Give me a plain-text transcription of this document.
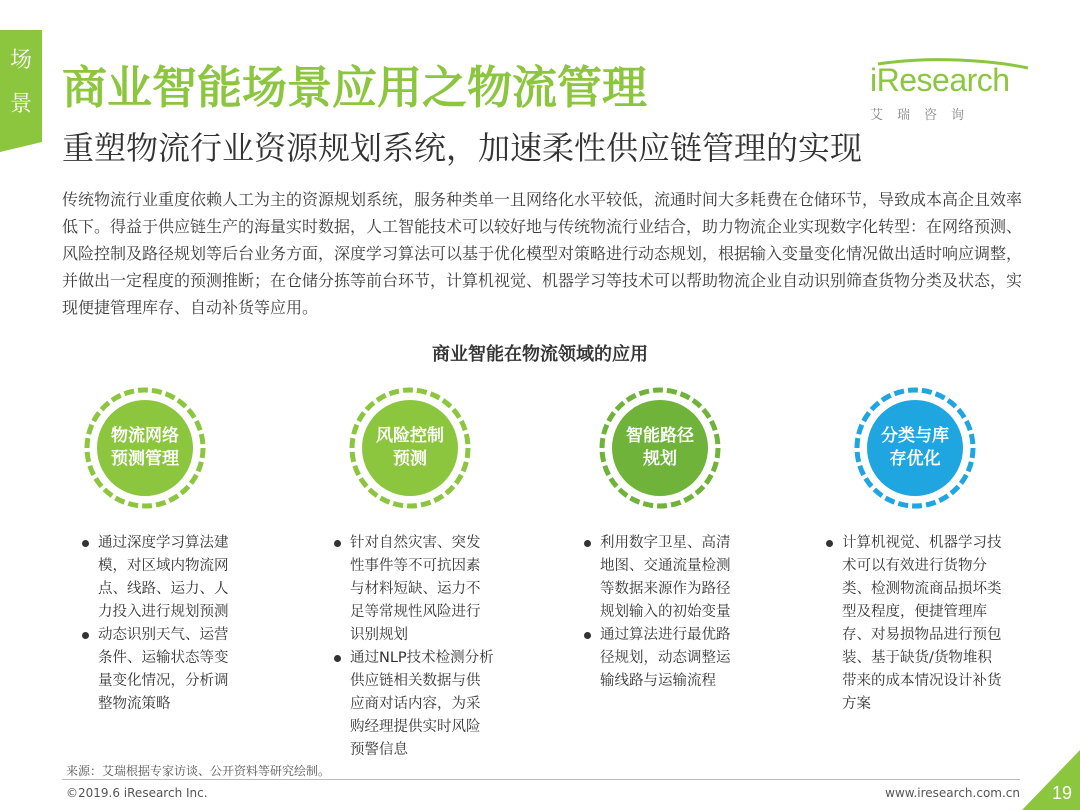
场
景 商业智能场景应用之物流管理
重塑物流行业资源规划系统，加速柔性供应链管理的实现
iResearch
艾瑞咨询
传统物流行业重度依赖人工为主的资源规划系统，服务种类单一且网络化水平较低，流通时间大多耗费在仓储环节，导致成本高企且效率低下。得益于供应链生产的海量实时数据，人工智能技术可以较好地与传统物流行业结合，助力物流企业实现数字化转型：在网络预测、风险控制及路径规划等后台业务方面，深度学习算法可以基于优化模型对策略进行动态规划，根据输入变量变化情况做出适时响应调整，并做出一定程度的预测推断；在仓储分拣等前台环节，计算机视觉、机器学习等技术可以帮助物流企业自动识别筛查货物分类及状态，实现便捷管理库存、自动补货等应用。
商业智能在物流领域的应用
物流网络
预测管理
风险控制
预测
智能路径
规划
分类与库
存优化
通过深度学习算法建模，对区域内物流网点、线路、运力、人力投入进行规划预测
动态识别天气、运营条件、运输状态等变量变化情况，分析调整物流策略
针对自然灾害、突发性事件等不可抗因素与材料短缺、运力不足等常规性风险进行识别规划
通过NLP技术检测分析供应链相关数据与供应商对话内容，为采购经理提供实时风险预警信息
利用数字卫星、高清地图、交通流量检测等数据来源作为路径规划输入的初始变量
通过算法进行最优路径规划，动态调整运输线路与运输流程
计算机视觉、机器学习技术可以有效进行货物分类、检测物流商品损坏类型及程度，便捷管理库存、对易损物品进行预包装、基于缺货/货物堆积带来的成本情况设计补货方案
来源：艾瑞根据专家访谈、公开资料等研究绘制。
©2019.6 iResearch Inc.	www.iresearch.com.cn 19
